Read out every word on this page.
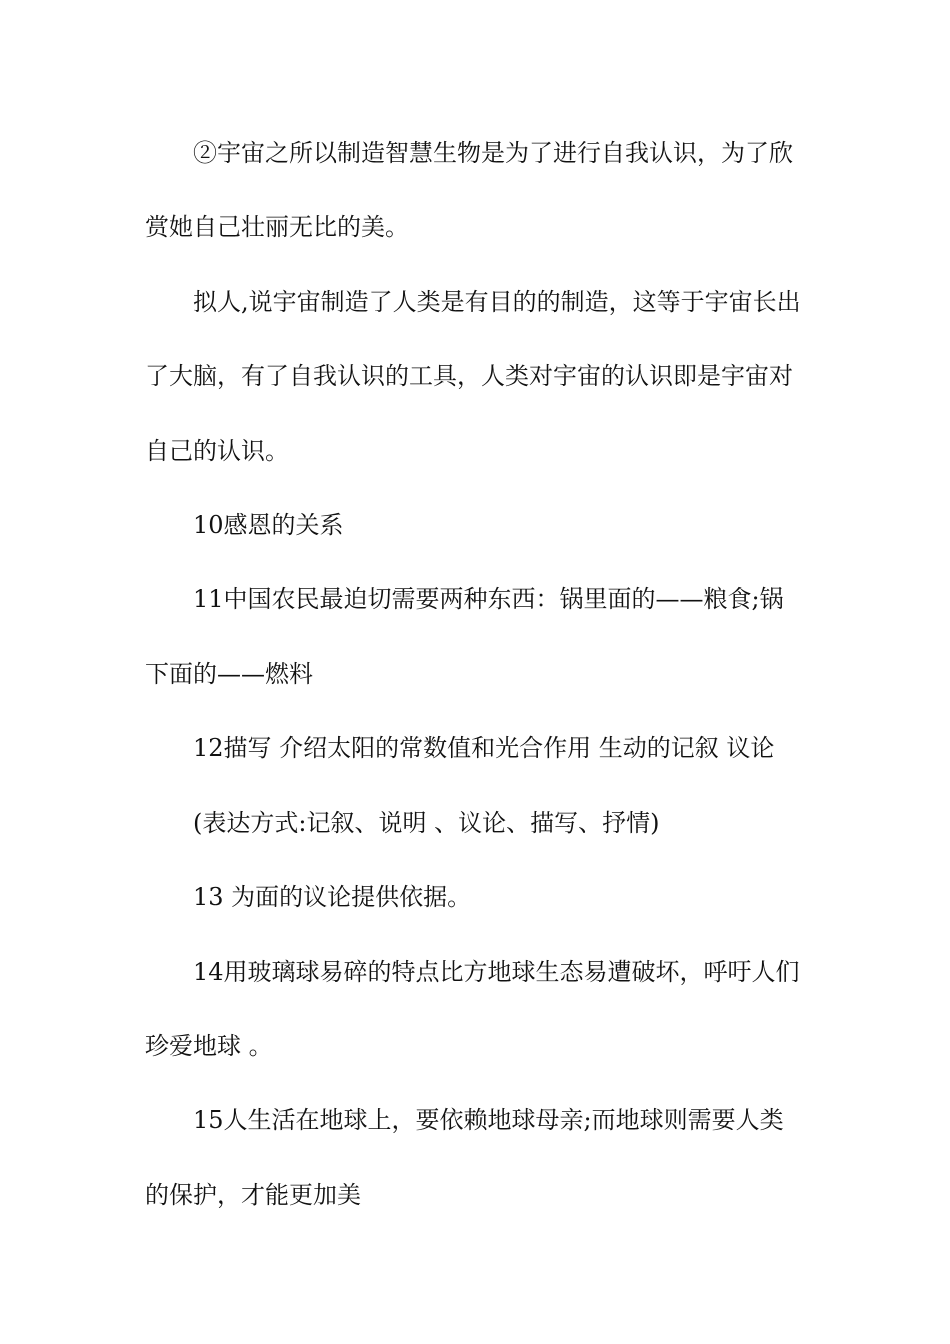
②宇宙之所以制造智慧生物是为了进行自我认识，为了欣
赏她自己壮丽无比的美。
拟人,说宇宙制造了人类是有目的的制造，这等于宇宙长出
了大脑，有了自我认识的工具，人类对宇宙的认识即是宇宙对
自己的认识。
10感恩的关系
11中国农民最迫切需要两种东西：锅里面的——粮食;锅
下面的——燃料
12描写 介绍太阳的常数值和光合作用 生动的记叙 议论
(表达方式:记叙、说明 、议论、描写、抒情)
13 为面的议论提供依据。
14用玻璃球易碎的特点比方地球生态易遭破坏，呼吁人们
珍爱地球 。
15人生活在地球上，要依赖地球母亲;而地球则需要人类
的保护，才能更加美
